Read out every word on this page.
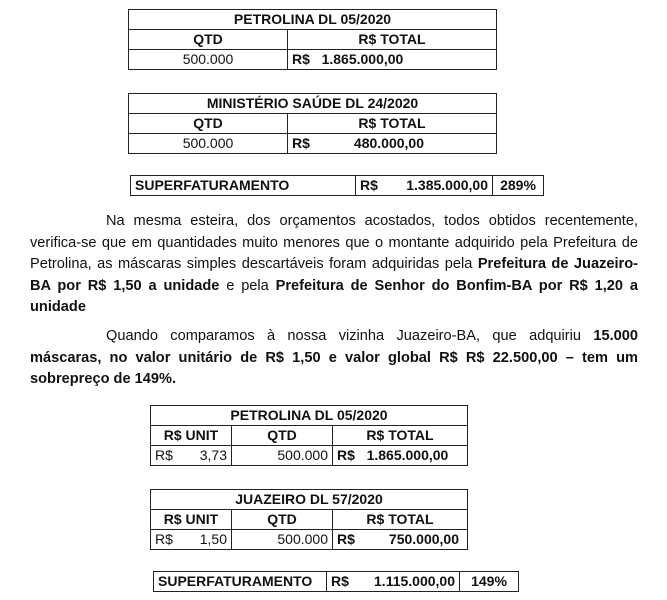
PETROLINA DL 05/2020	
QTD	R$ TOTAL
500.000	R$ 1.865.000,00
MINISTÉRIO SAÚDE DL 24/2020	
QTD	R$ TOTAL
500.000	R$ 480.000,00
SUPERFATURAMENTO	R$ 1.385.000,00	289%

Na mesma esteira, dos orçamentos acostados, todos obtidos recentemente, verifica-se que em quantidades muito menores que o montante adquirido pela Prefeitura de Petrolina, as máscaras simples descartáveis foram adquiridas pela Prefeitura de Juazeiro-BA por R$ 1,50 a unidade e pela Prefeitura de Senhor do Bonfim-BA por R$ 1,20 a unidade

Quando comparamos à nossa vizinha Juazeiro-BA, que adquiriu 15.000 máscaras, no valor unitário de R$ 1,50 e valor global R$ R$ 22.500,00 – tem um sobrepreço de 149%.

PETROLINA DL 05/2020		
R$ UNIT	QTD	R$ TOTAL

R$ 3,73	500.000	R$ 1.865.000,00
JUAZEIRO DL 57/2020		
R$ UNIT	QTD	R$ TOTAL

R$ 1,50	500.000	R$ 750.000,00
SUPERFATURAMENTO	R$ 1.115.000,00	149%
